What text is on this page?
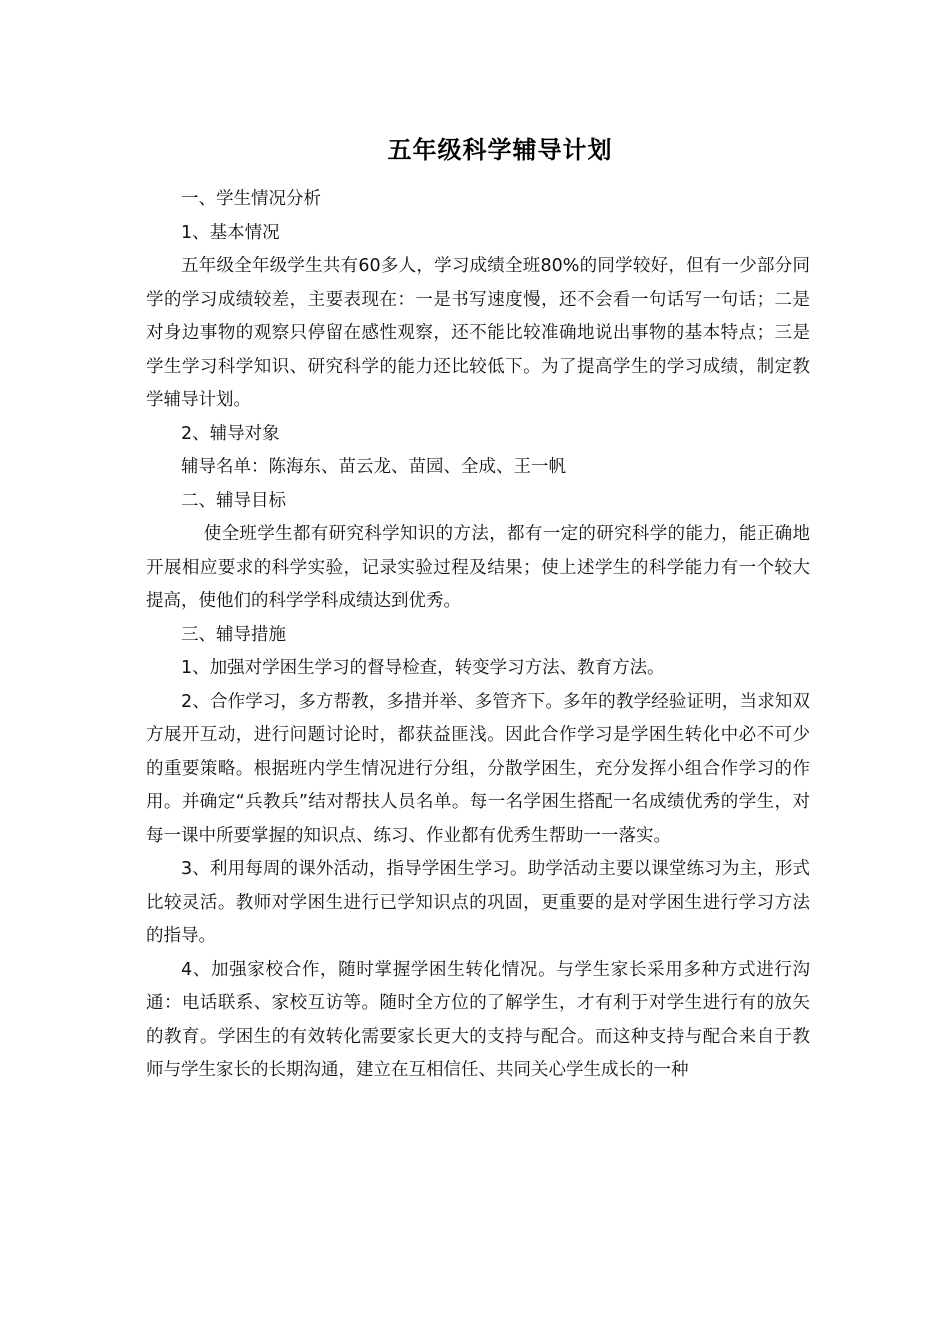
五年级科学辅导计划

一、学生情况分析

1、基本情况

五年级全年级学生共有60多人，学习成绩全班80%的同学较好，但有一少部分同学的学习成绩较差，主要表现在：一是书写速度慢，还不会看一句话写一句话；二是对身边事物的观察只停留在感性观察，还不能比较准确地说出事物的基本特点；三是学生学习科学知识、研究科学的能力还比较低下。为了提高学生的学习成绩，制定教学辅导计划。

2、辅导对象

辅导名单：陈海东、苗云龙、苗园、全成、王一帆

二、辅导目标

使全班学生都有研究科学知识的方法，都有一定的研究科学的能力，能正确地开展相应要求的科学实验，记录实验过程及结果；使上述学生的科学能力有一个较大提高，使他们的科学学科成绩达到优秀。

三、辅导措施

1、加强对学困生学习的督导检查，转变学习方法、教育方法。

2、合作学习，多方帮教，多措并举、多管齐下。多年的教学经验证明，当求知双方展开互动，进行问题讨论时，都获益匪浅。因此合作学习是学困生转化中必不可少的重要策略。根据班内学生情况进行分组，分散学困生，充分发挥小组合作学习的作用。并确定“兵教兵”结对帮扶人员名单。每一名学困生搭配一名成绩优秀的学生，对每一课中所要掌握的知识点、练习、作业都有优秀生帮助一一落实。

3、利用每周的课外活动，指导学困生学习。助学活动主要以课堂练习为主，形式比较灵活。教师对学困生进行已学知识点的巩固，更重要的是对学困生进行学习方法的指导。

4、加强家校合作，随时掌握学困生转化情况。与学生家长采用多种方式进行沟通：电话联系、家校互访等。随时全方位的了解学生，才有利于对学生进行有的放矢的教育。学困生的有效转化需要家长更大的支持与配合。而这种支持与配合来自于教师与学生家长的长期沟通，建立在互相信任、共同关心学生成长的一种
